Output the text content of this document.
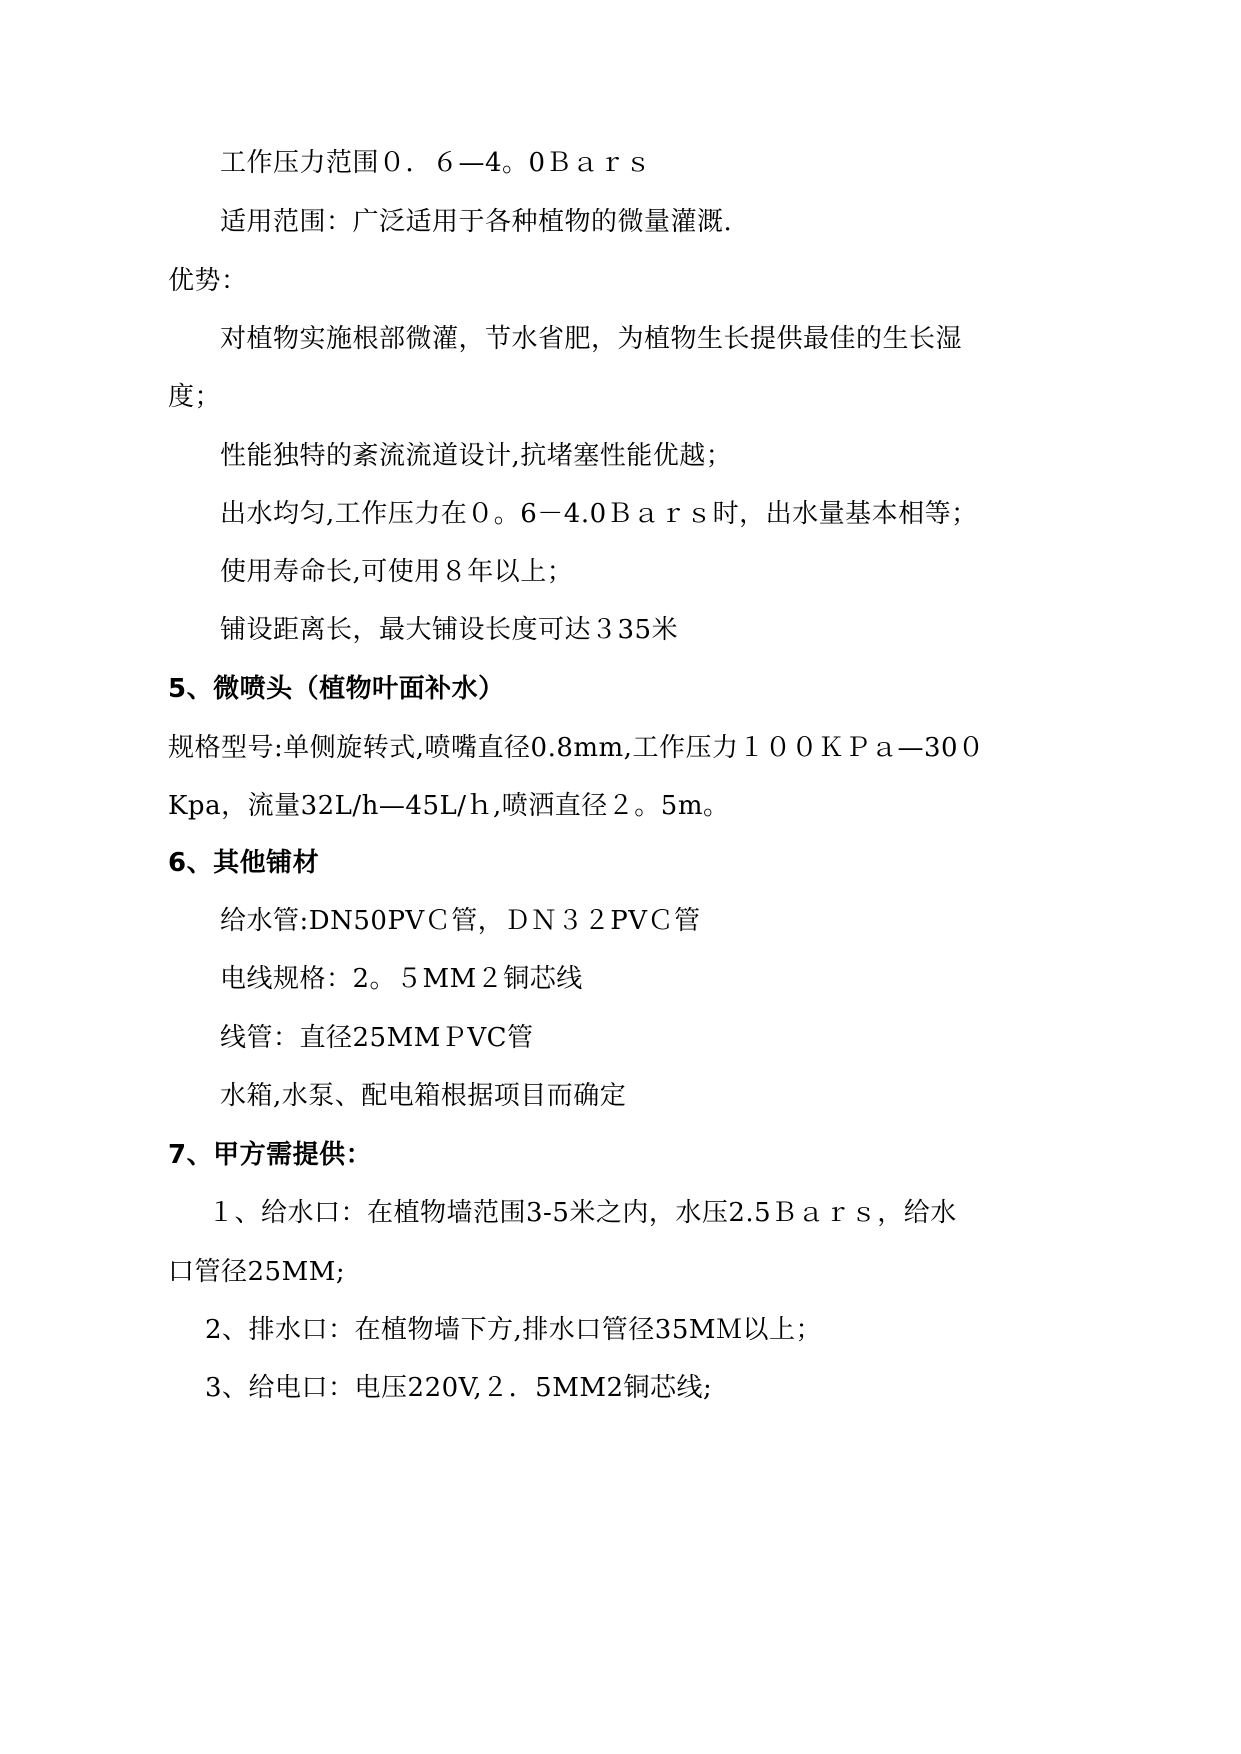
工作压力范围０．６—4。0Ｂａｒｓ
适用范围：广泛适用于各种植物的微量灌溉.
优势：
对植物实施根部微灌，节水省肥，为植物生长提供最佳的生长湿
度；
性能独特的紊流流道设计,抗堵塞性能优越；
出水均匀,工作压力在０。6－4.0Ｂａｒｓ时，出水量基本相等；
使用寿命长,可使用８年以上；
铺设距离长，最大铺设长度可达３35米
5、微喷头（植物叶面补水）
规格型号:单侧旋转式,喷嘴直径0.8mm,工作压力１００ＫＰａ—30０
Kpa，流量32L/h—45L/ｈ,喷洒直径２。5m。
6、其他铺材
给水管:DN50PVＣ管，ＤＮ３２PVＣ管
电线规格：2。５MM２铜芯线
线管：直径25MMＰVC管
水箱,水泵、配电箱根据项目而确定
7、甲方需提供：
１、给水口：在植物墙范围3-5米之内，水压2.5Ｂａｒｓ，给水
口管径25MM;
2、排水口：在植物墙下方,排水口管径35MＭ以上；
3、给电口：电压220V,２．5MM2铜芯线;
